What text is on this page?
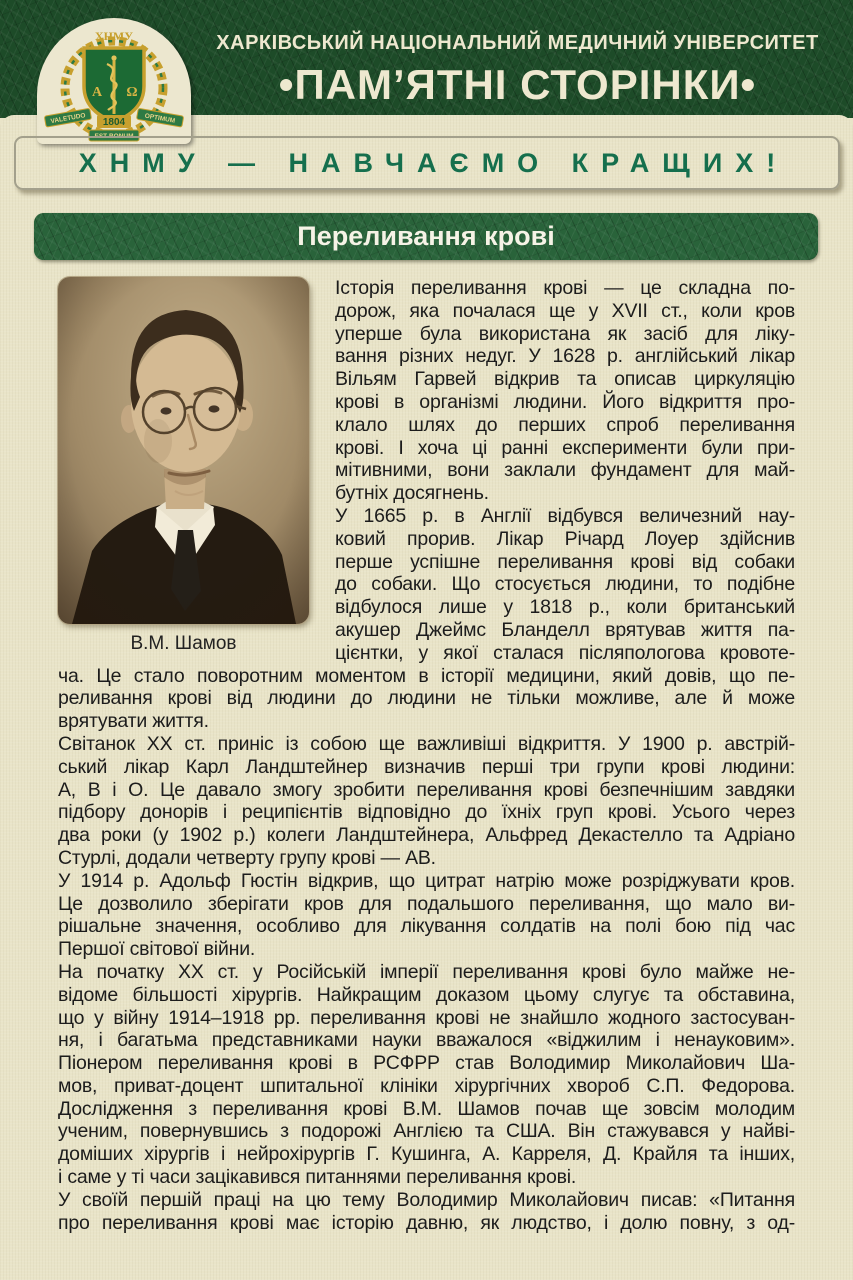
ХАРКІВСЬКИЙ НАЦІОНАЛЬНИЙ МЕДИЧНИЙ УНІВЕРСИТЕТ
•ПАМ’ЯТНІ СТОРІНКИ•
ХНМУ
Α Ω
1804
VALETUDO	OPTIMUM
EST BONUM
ХНМУ — НАВЧАЄМО КРАЩИХ!
Переливання крові
В.М. Шамов
Історія переливання крові — це складна по-
дорож, яка почалася ще у XVII ст., коли кров
уперше була використана як засіб для ліку-
вання різних недуг. У 1628 р. англійський лікар
Вільям Гарвей відкрив та описав циркуляцію
крові в організмі людини. Його відкриття про-
клало шлях до перших спроб переливання
крові. І хоча ці ранні експерименти були при-
мітивними, вони заклали фундамент для май-
бутніх досягнень.
У 1665 р. в Англії відбувся величезний нау-
ковий прорив. Лікар Річард Лоуер здійснив
перше успішне переливання крові від собаки
до собаки. Що стосується людини, то подібне
відбулося лише у 1818 р., коли британський
акушер Джеймс Бланделл врятував життя па-
цієнтки, у якої сталася післяпологова кровоте-
ча. Це стало поворотним моментом в історії медицини, який довів, що пе-
реливання крові від людини до людини не тільки можливе, але й може
врятувати життя.
Світанок XX ст. приніс із собою ще важливіші відкриття. У 1900 р. австрій-
ський лікар Карл Ландштейнер визначив перші три групи крові людини:
А, В і О. Це давало змогу зробити переливання крові безпечнішим завдяки
підбору донорів і реципієнтів відповідно до їхніх груп крові. Усього через
два роки (у 1902 р.) колеги Ландштейнера, Альфред Декастелло та Адріано
Стурлі, додали четверту групу крові — АВ.
У 1914 р. Адольф Гюстін відкрив, що цитрат натрію може розріджувати кров.
Це дозволило зберігати кров для подальшого переливання, що мало ви-
рішальне значення, особливо для лікування солдатів на полі бою під час
Першої світової війни.
На початку XX ст. у Російській імперії переливання крові було майже не-
відоме більшості хірургів. Найкращим доказом цьому слугує та обставина,
що у війну 1914–1918 рр. переливання крові не знайшло жодного застосуван-
ня, і багатьма представниками науки вважалося «віджилим і ненауковим».
Піонером переливання крові в РСФРР став Володимир Миколайович Ша-
мов, приват-доцент шпитальної клініки хірургічних хвороб С.П. Федорова.
Дослідження з переливання крові В.М. Шамов почав ще зовсім молодим
ученим, повернувшись з подорожі Англією та США. Він стажувався у найві-
доміших хірургів і нейрохірургів Г. Кушинга, А. Карреля, Д. Крайля та інших,
і саме у ті часи зацікавився питаннями переливання крові.
У своїй першій праці на цю тему Володимир Миколайович писав: «Питання
про переливання крові має історію давню, як людство, і долю повну, з од-
